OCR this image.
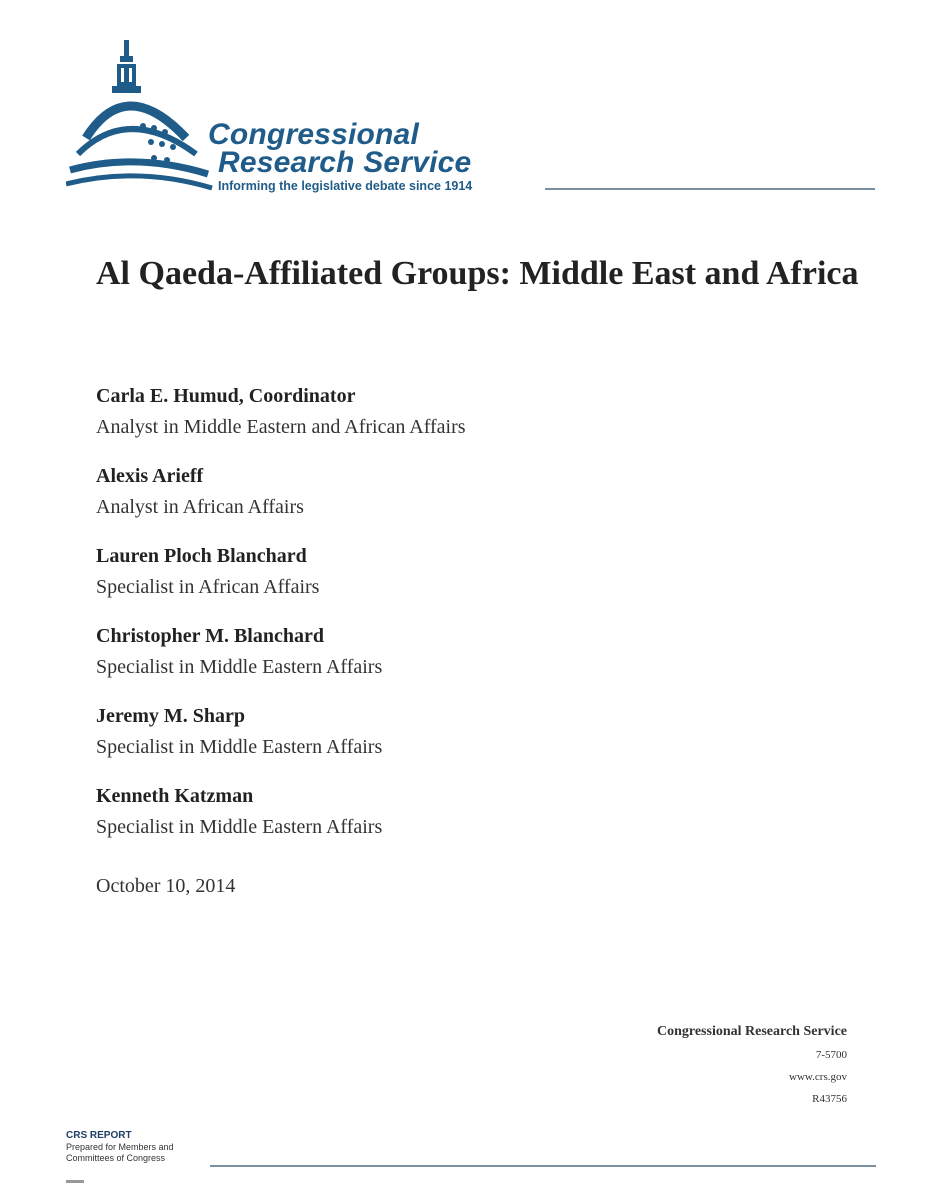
Congressional
Research Service
Informing the legislative debate since 1914
Al Qaeda-Affiliated Groups: Middle East and Africa
Carla E. Humud, Coordinator
Analyst in Middle Eastern and African Affairs
Alexis Arieff
Analyst in African Affairs
Lauren Ploch Blanchard
Specialist in African Affairs
Christopher M. Blanchard
Specialist in Middle Eastern Affairs
Jeremy M. Sharp
Specialist in Middle Eastern Affairs
Kenneth Katzman
Specialist in Middle Eastern Affairs
October 10, 2014
Congressional Research Service
7-5700
www.crs.gov
R43756
CRS REPORT
Prepared for Members and
Committees of Congress
